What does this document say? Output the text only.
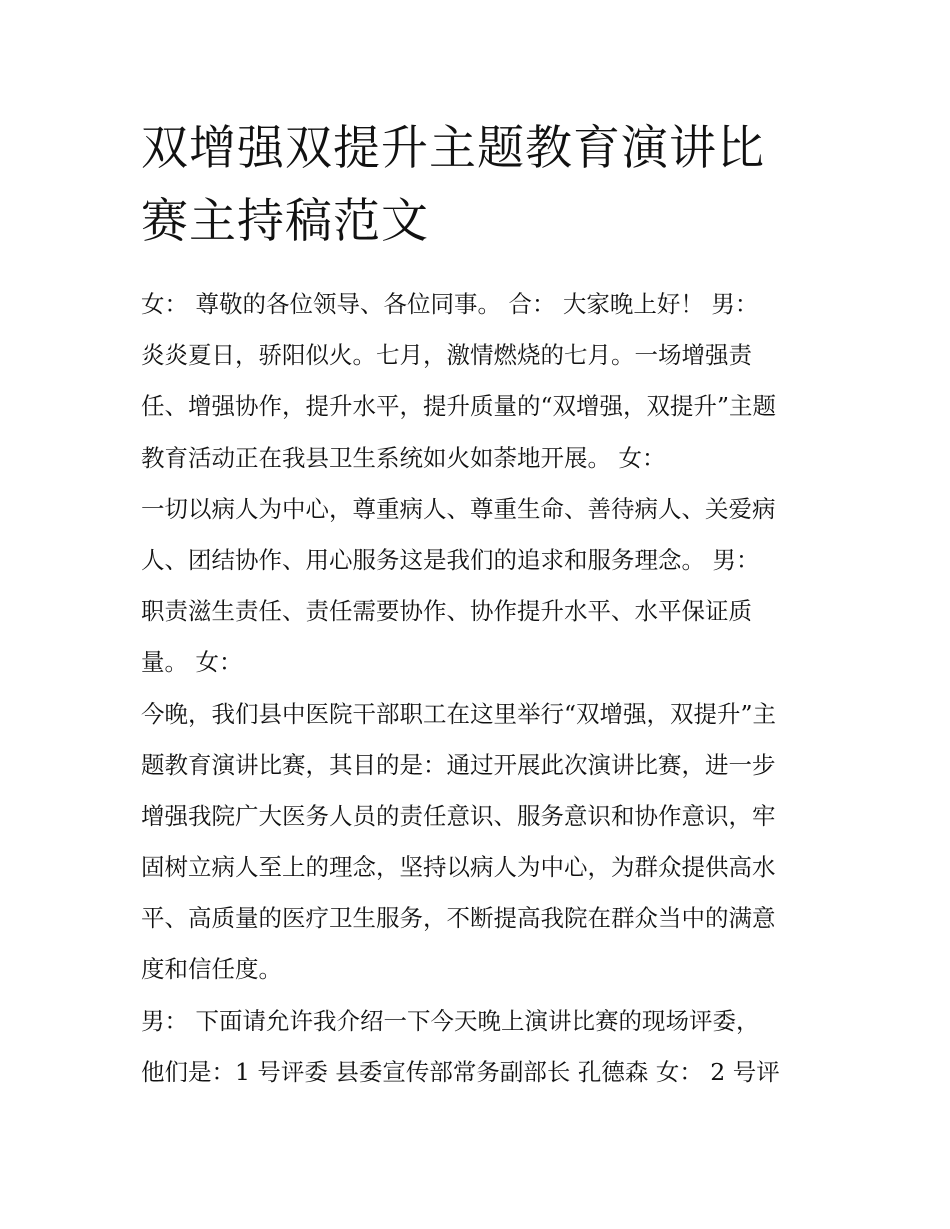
双增强双提升主题教育演讲比
赛主持稿范文
女： 尊敬的各位领导、各位同事。 合： 大家晚上好！ 男：
炎炎夏日，骄阳似火。七月，激情燃烧的七月。一场增强责
任、增强协作，提升水平，提升质量的“双增强，双提升”主题
教育活动正在我县卫生系统如火如荼地开展。 女：
一切以病人为中心，尊重病人、尊重生命、善待病人、关爱病
人、团结协作、用心服务这是我们的追求和服务理念。 男：
职责滋生责任、责任需要协作、协作提升水平、水平保证质
量。 女：
今晚，我们县中医院干部职工在这里举行“双增强，双提升”主
题教育演讲比赛，其目的是：通过开展此次演讲比赛，进一步
增强我院广大医务人员的责任意识、服务意识和协作意识，牢
固树立病人至上的理念，坚持以病人为中心，为群众提供高水
平、高质量的医疗卫生服务，不断提高我院在群众当中的满意
度和信任度。
男： 下面请允许我介绍一下今天晚上演讲比赛的现场评委，
他们是：1 号评委 县委宣传部常务副部长 孔德森 女： 2 号评
